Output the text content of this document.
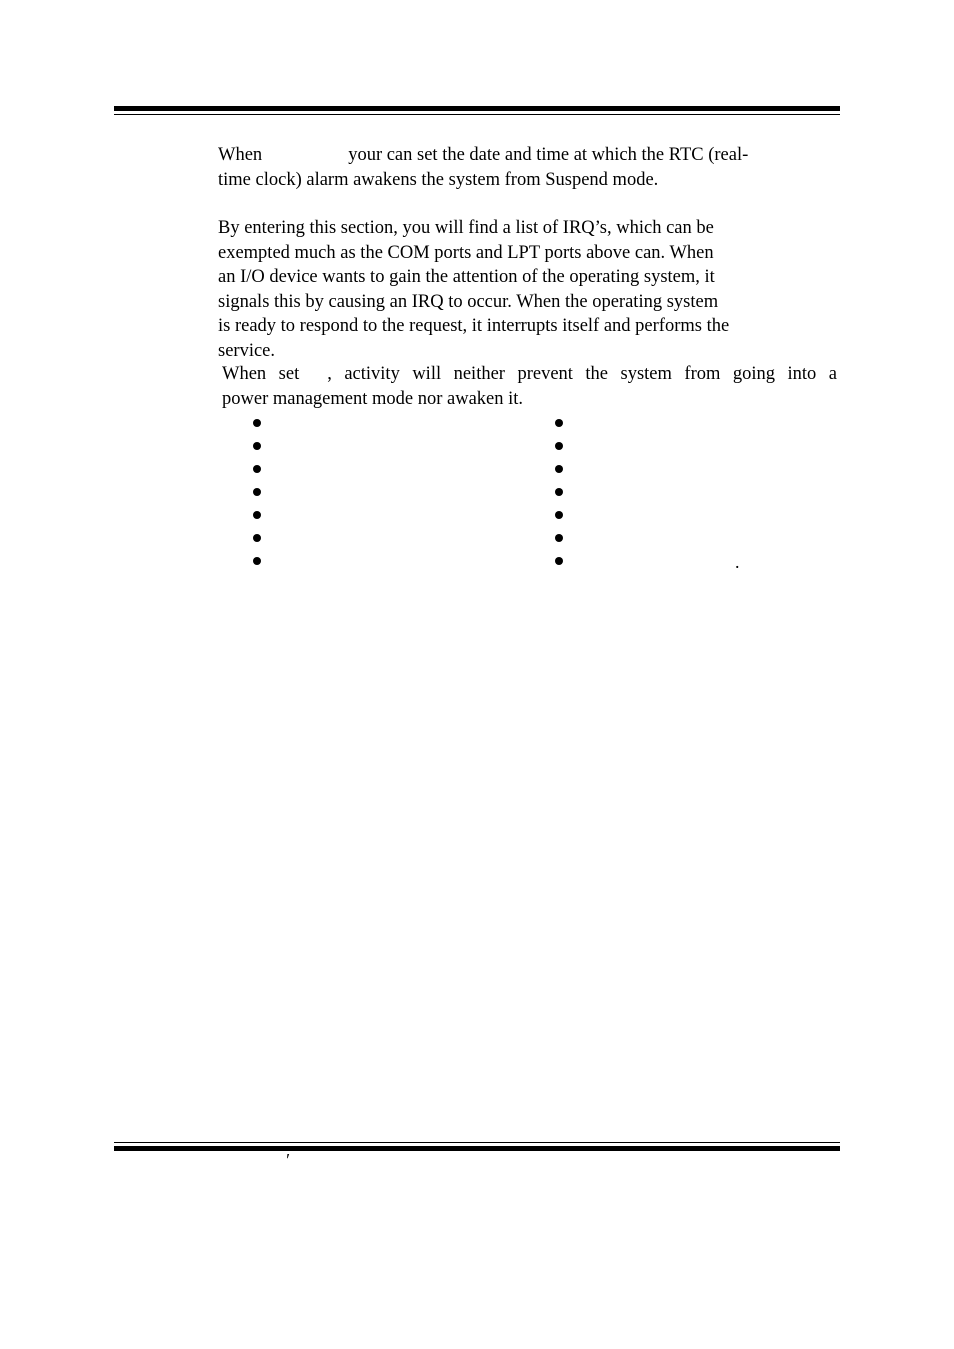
When	your can set the date and time at which the RTC (real-
time clock) alarm awakens the system from Suspend mode.
By entering this section, you will find a list of IRQ’s, which can be
exempted much as the COM ports and LPT ports above can. When
an I/O device wants to gain the attention of the operating system, it
signals this by causing an IRQ to occur. When the operating system
is ready to respond to the request, it interrupts itself and performs the
service.
When set , activity will neither prevent the system from going into a
power management mode nor awaken it.
.
′
